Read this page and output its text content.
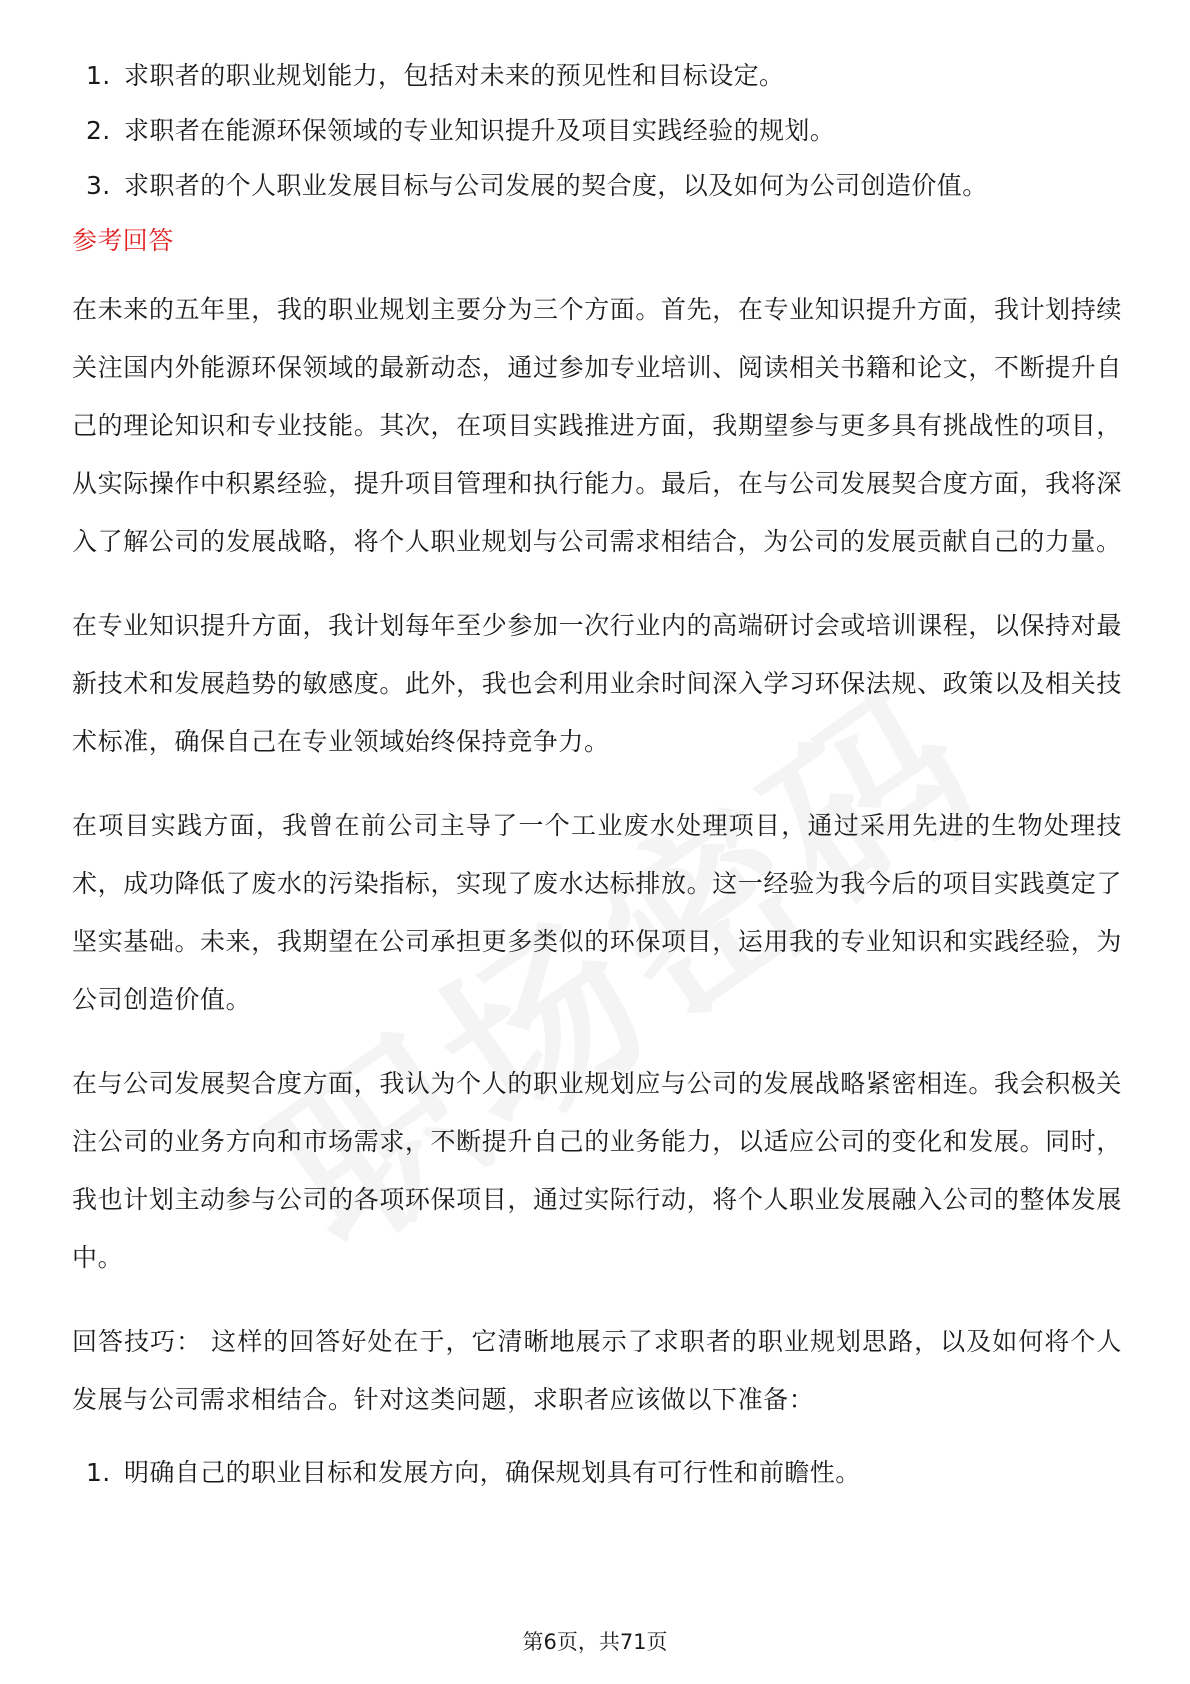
1. 求职者的职业规划能力，包括对未来的预见性和目标设定。
2. 求职者在能源环保领域的专业知识提升及项目实践经验的规划。
3. 求职者的个人职业发展目标与公司发展的契合度，以及如何为公司创造价值。
参考回答

在未来的五年里，我的职业规划主要分为三个方面。首先，在专业知识提升方面，我计划持续关注国内外能源环保领域的最新动态，通过参加专业培训、阅读相关书籍和论文，不断提升自己的理论知识和专业技能。其次，在项目实践推进方面，我期望参与更多具有挑战性的项目，从实际操作中积累经验，提升项目管理和执行能力。最后，在与公司发展契合度方面，我将深入了解公司的发展战略，将个人职业规划与公司需求相结合，为公司的发展贡献自己的力量。

在专业知识提升方面，我计划每年至少参加一次行业内的高端研讨会或培训课程，以保持对最新技术和发展趋势的敏感度。此外，我也会利用业余时间深入学习环保法规、政策以及相关技术标准，确保自己在专业领域始终保持竞争力。

在项目实践方面，我曾在前公司主导了一个工业废水处理项目，通过采用先进的生物处理技术，成功降低了废水的污染指标，实现了废水达标排放。这一经验为我今后的项目实践奠定了坚实基础。未来，我期望在公司承担更多类似的环保项目，运用我的专业知识和实践经验，为公司创造价值。

在与公司发展契合度方面，我认为个人的职业规划应与公司的发展战略紧密相连。我会积极关注公司的业务方向和市场需求，不断提升自己的业务能力，以适应公司的变化和发展。同时，我也计划主动参与公司的各项环保项目，通过实际行动，将个人职业发展融入公司的整体发展中。

回答技巧： 这样的回答好处在于，它清晰地展示了求职者的职业规划思路，以及如何将个人发展与公司需求相结合。针对这类问题，求职者应该做以下准备：

1. 明确自己的职业目标和发展方向，确保规划具有可行性和前瞻性。
第6页，共71页
